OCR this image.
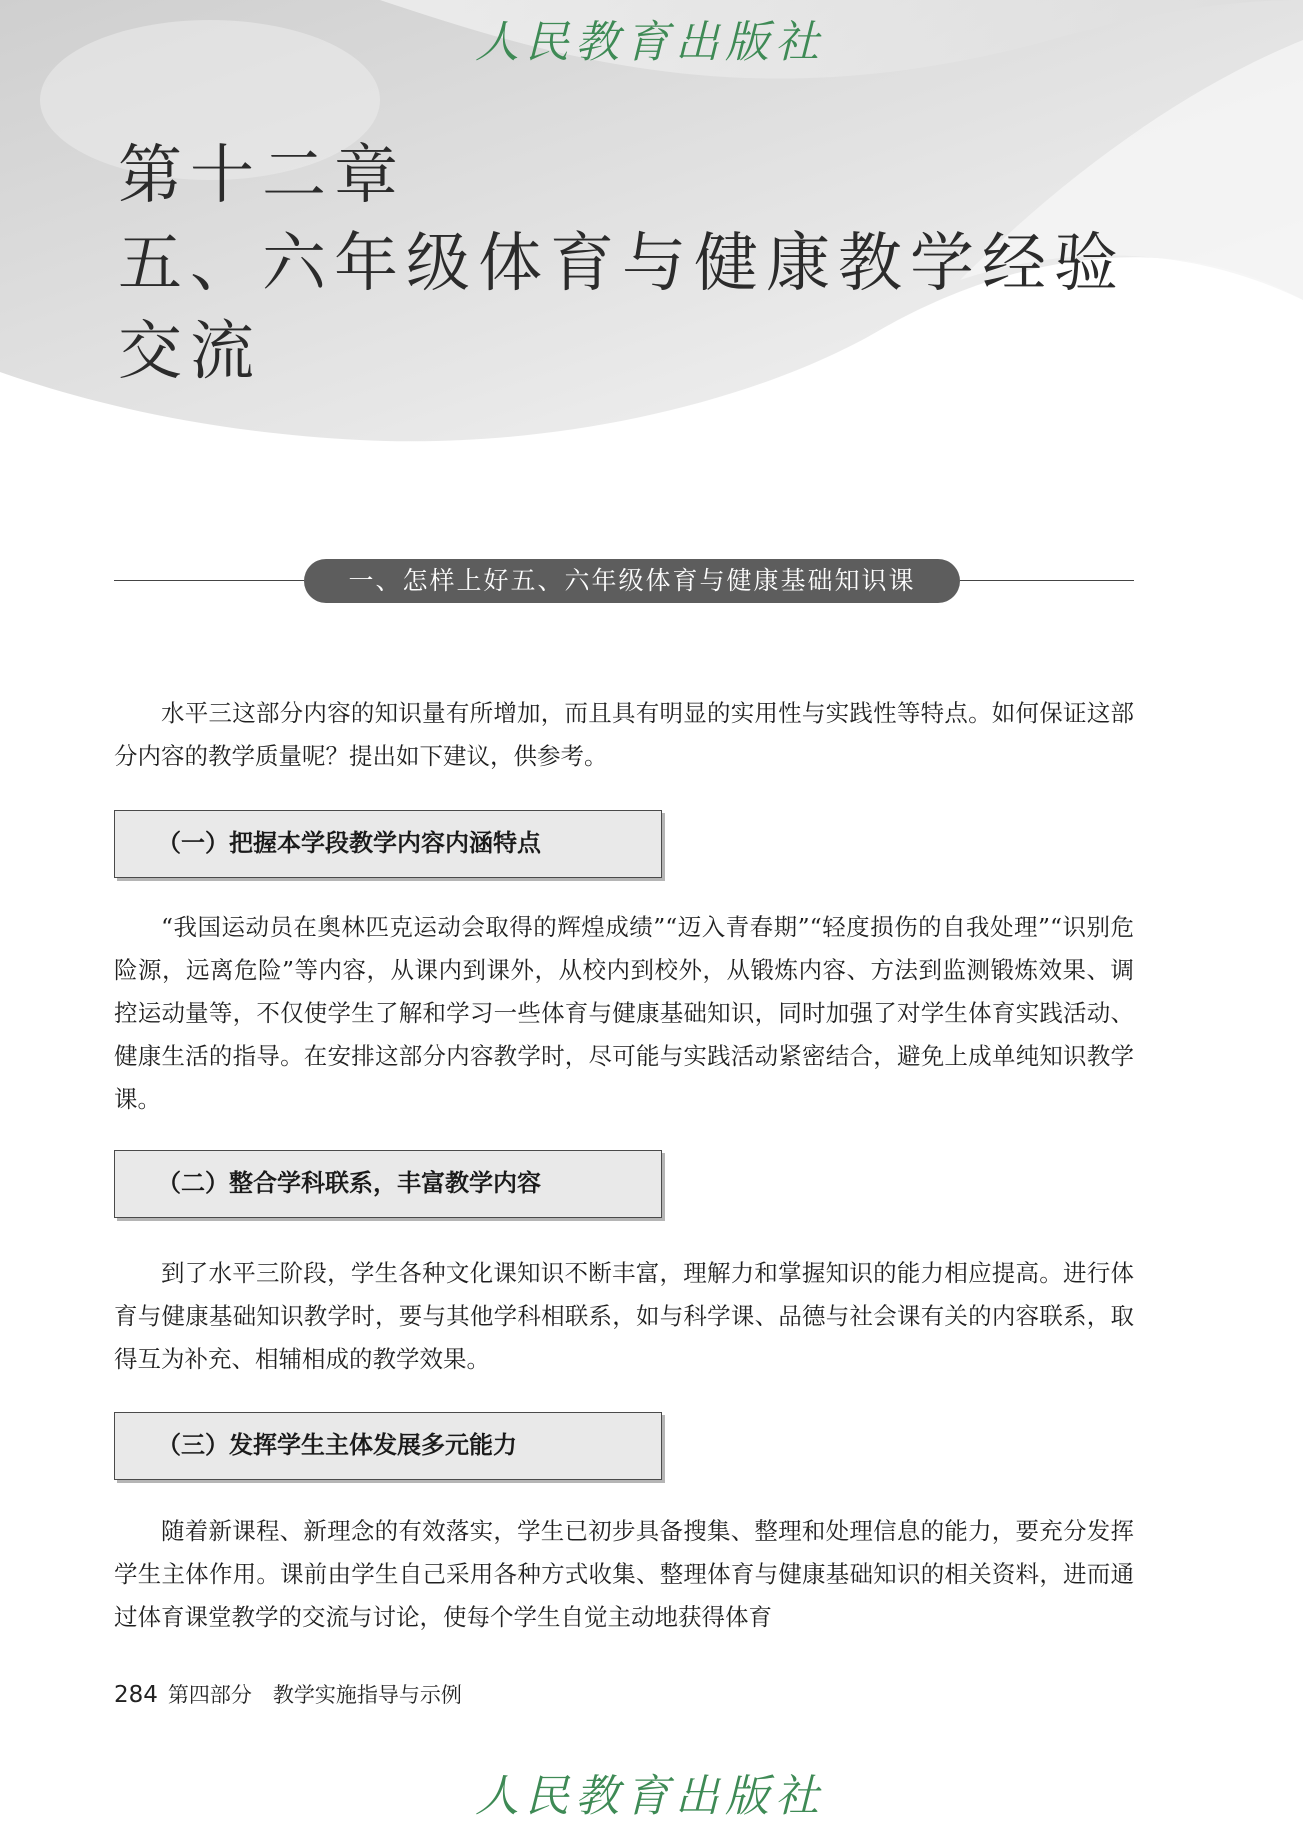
人民教育出版社
第十二章
五、六年级体育与健康教学经验
交流
一、怎样上好五、六年级体育与健康基础知识课

水平三这部分内容的知识量有所增加，而且具有明显的实用性与实践性等特点。如何保证这部分内容的教学质量呢？提出如下建议，供参考。

（一）把握本学段教学内容内涵特点

“我国运动员在奥林匹克运动会取得的辉煌成绩”“迈入青春期”“轻度损伤的自我处理”“识别危险源，远离危险”等内容，从课内到课外，从校内到校外，从锻炼内容、方法到监测锻炼效果、调控运动量等，不仅使学生了解和学习一些体育与健康基础知识，同时加强了对学生体育实践活动、健康生活的指导。在安排这部分内容教学时，尽可能与实践活动紧密结合，避免上成单纯知识教学课。

（二）整合学科联系，丰富教学内容

到了水平三阶段，学生各种文化课知识不断丰富，理解力和掌握知识的能力相应提高。进行体育与健康基础知识教学时，要与其他学科相联系，如与科学课、品德与社会课有关的内容联系，取得互为补充、相辅相成的教学效果。

（三）发挥学生主体发展多元能力

随着新课程、新理念的有效落实，学生已初步具备搜集、整理和处理信息的能力，要充分发挥学生主体作用。课前由学生自己采用各种方式收集、整理体育与健康基础知识的相关资料，进而通过体育课堂教学的交流与讨论，使每个学生自觉主动地获得体育

284 第四部分　教学实施指导与示例
人民教育出版社
